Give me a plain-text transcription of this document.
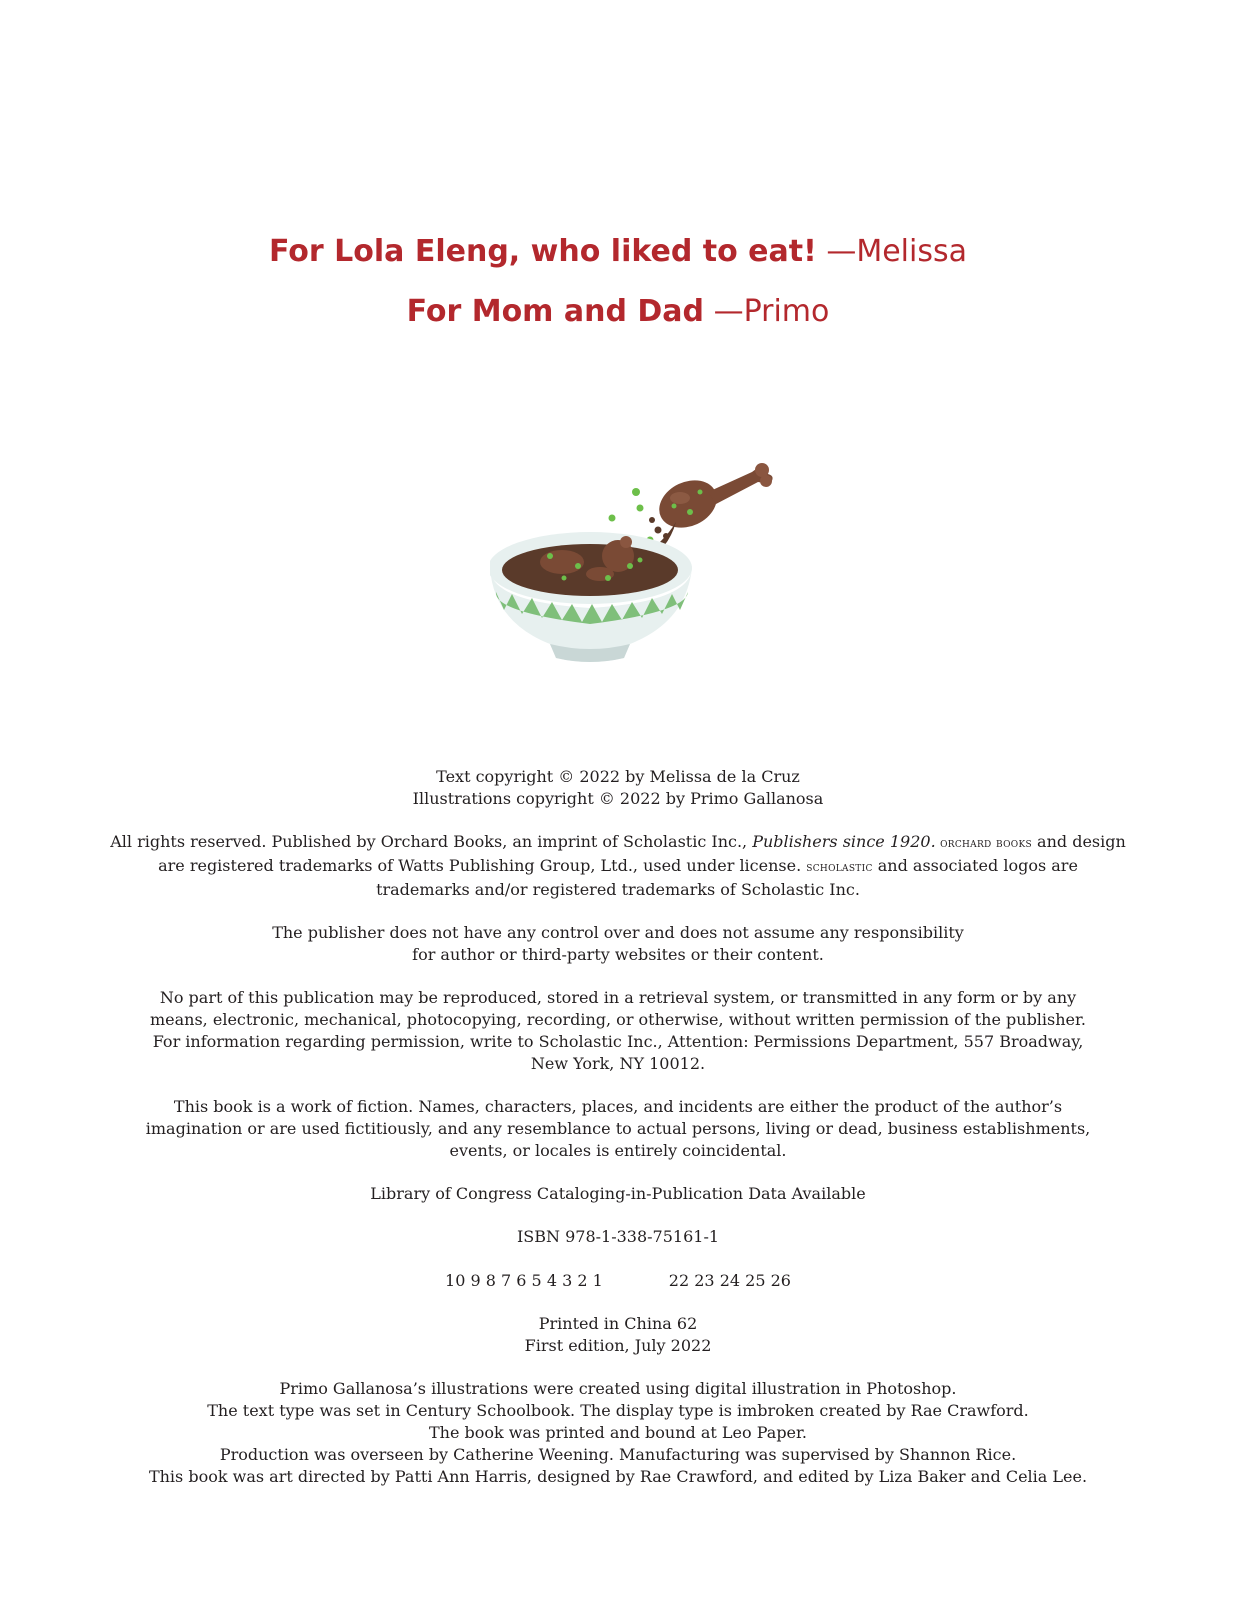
For Lola Eleng, who liked to eat! —Melissa
For Mom and Dad —Primo

Text copyright © 2022 by Melissa de la Cruz
Illustrations copyright © 2022 by Primo Gallanosa

All rights reserved. Published by Orchard Books, an imprint of Scholastic Inc., Publishers since 1920. orchard books and design are registered trademarks of Watts Publishing Group, Ltd., used under license. scholastic and associated logos are trademarks and/or registered trademarks of Scholastic Inc.

The publisher does not have any control over and does not assume any responsibility
for author or third-party websites or their content.

No part of this publication may be reproduced, stored in a retrieval system, or transmitted in any form or by any
means, electronic, mechanical, photocopying, recording, or otherwise, without written permission of the publisher.
For information regarding permission, write to Scholastic Inc., Attention: Permissions Department, 557 Broadway,
New York, NY 10012.

This book is a work of fiction. Names, characters, places, and incidents are either the product of the author’s
imagination or are used fictitiously, and any resemblance to actual persons, living or dead, business establishments,
events, or locales is entirely coincidental.

Library of Congress Cataloging-in-Publication Data Available

ISBN 978-1-338-75161-1

10 9 8 7 6 5 4 3 2 1	22 23 24 25 26

Printed in China 62
First edition, July 2022

Primo Gallanosa’s illustrations were created using digital illustration in Photoshop.
The text type was set in Century Schoolbook. The display type is imbroken created by Rae Crawford.
The book was printed and bound at Leo Paper.
Production was overseen by Catherine Weening. Manufacturing was supervised by Shannon Rice.
This book was art directed by Patti Ann Harris, designed by Rae Crawford, and edited by Liza Baker and Celia Lee.
